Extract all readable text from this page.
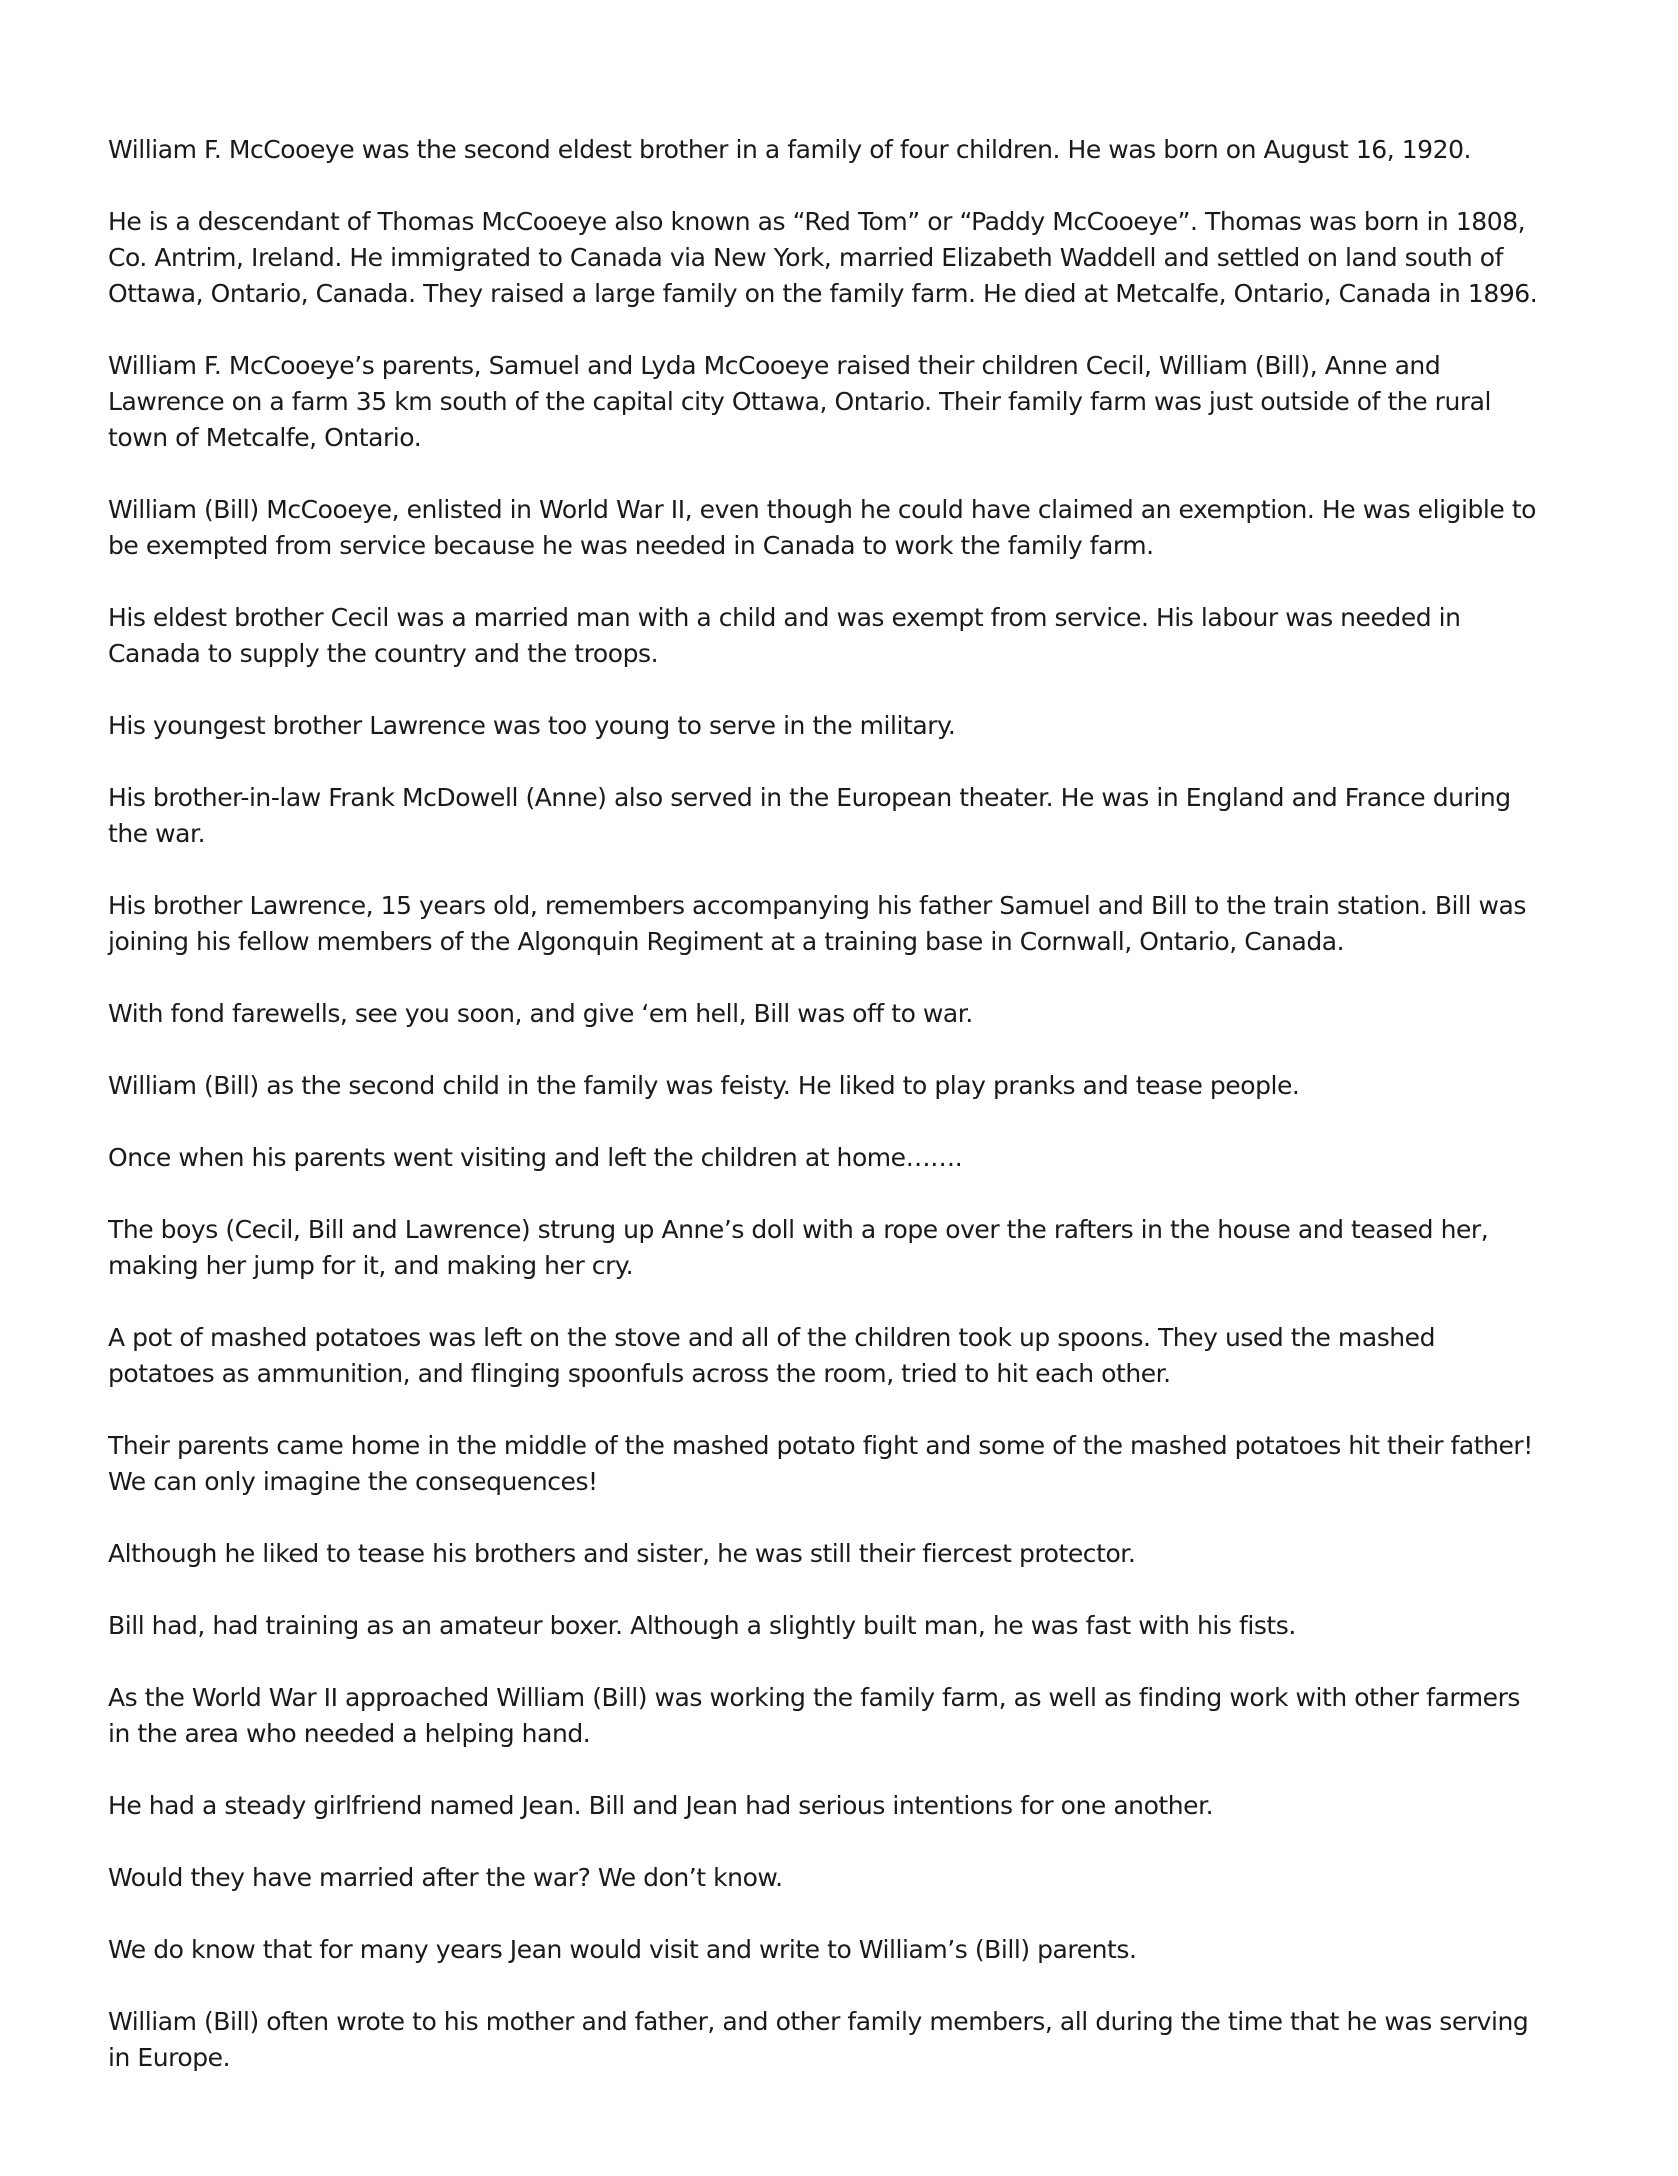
William F. McCooeye was the second eldest brother in a family of four children. He was born on August 16, 1920.

He is a descendant of Thomas McCooeye also known as “Red Tom” or “Paddy McCooeye”. Thomas was born in 1808, Co. Antrim, Ireland. He immigrated to Canada via New York, married Elizabeth Waddell and settled on land south of Ottawa, Ontario, Canada. They raised a large family on the family farm. He died at Metcalfe, Ontario, Canada in 1896.

William F. McCooeye’s parents, Samuel and Lyda McCooeye raised their children Cecil, William (Bill), Anne and Lawrence on a farm 35 km south of the capital city Ottawa, Ontario. Their family farm was just outside of the rural town of Metcalfe, Ontario.

William (Bill) McCooeye, enlisted in World War II, even though he could have claimed an exemption. He was eligible to be exempted from service because he was needed in Canada to work the family farm.

His eldest brother Cecil was a married man with a child and was exempt from service. His labour was needed in Canada to supply the country and the troops.

His youngest brother Lawrence was too young to serve in the military.

His brother-in-law Frank McDowell (Anne) also served in the European theater. He was in England and France during the war.

His brother Lawrence, 15 years old, remembers accompanying his father Samuel and Bill to the train station. Bill was joining his fellow members of the Algonquin Regiment at a training base in Cornwall, Ontario, Canada.

With fond farewells, see you soon, and give ‘em hell, Bill was off to war.

William (Bill) as the second child in the family was feisty. He liked to play pranks and tease people.

Once when his parents went visiting and left the children at home…….

The boys (Cecil, Bill and Lawrence) strung up Anne’s doll with a rope over the rafters in the house and teased her, making her jump for it, and making her cry.

A pot of mashed potatoes was left on the stove and all of the children took up spoons. They used the mashed potatoes as ammunition, and flinging spoonfuls across the room, tried to hit each other.

Their parents came home in the middle of the mashed potato fight and some of the mashed potatoes hit their father! We can only imagine the consequences!

Although he liked to tease his brothers and sister, he was still their fiercest protector.

Bill had, had training as an amateur boxer. Although a slightly built man, he was fast with his fists.

As the World War II approached William (Bill) was working the family farm, as well as finding work with other farmers in the area who needed a helping hand.

He had a steady girlfriend named Jean. Bill and Jean had serious intentions for one another.

Would they have married after the war? We don’t know.

We do know that for many years Jean would visit and write to William’s (Bill) parents.

William (Bill) often wrote to his mother and father, and other family members, all during the time that he was serving in Europe.
